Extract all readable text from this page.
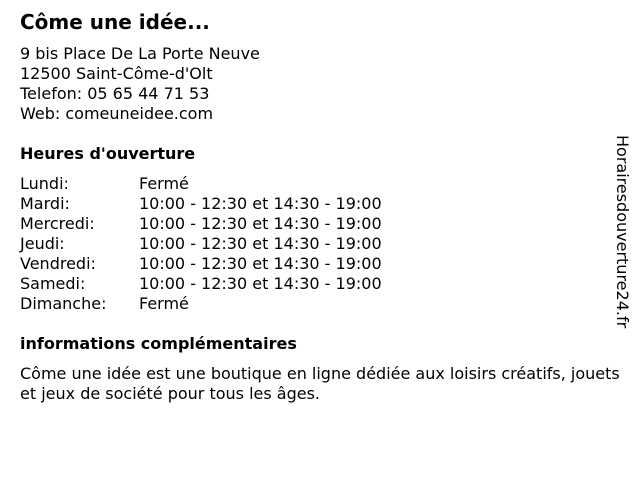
Côme une idée...
9 bis Place De La Porte Neuve
12500 Saint-Côme-d'Olt
Telefon: 05 65 44 71 53
Web: comeuneidee.com
Heures d'ouverture
Lundi:	Fermé
Mardi:	10:00 - 12:30 et 14:30 - 19:00
Mercredi:	10:00 - 12:30 et 14:30 - 19:00
Jeudi:	10:00 - 12:30 et 14:30 - 19:00
Vendredi:	10:00 - 12:30 et 14:30 - 19:00
Samedi:	10:00 - 12:30 et 14:30 - 19:00
Dimanche:	Fermé
informations complémentaires
Côme une idée est une boutique en ligne dédiée aux loisirs créatifs, jouets et jeux de société pour tous les âges.
Horairesdouverture24.fr
